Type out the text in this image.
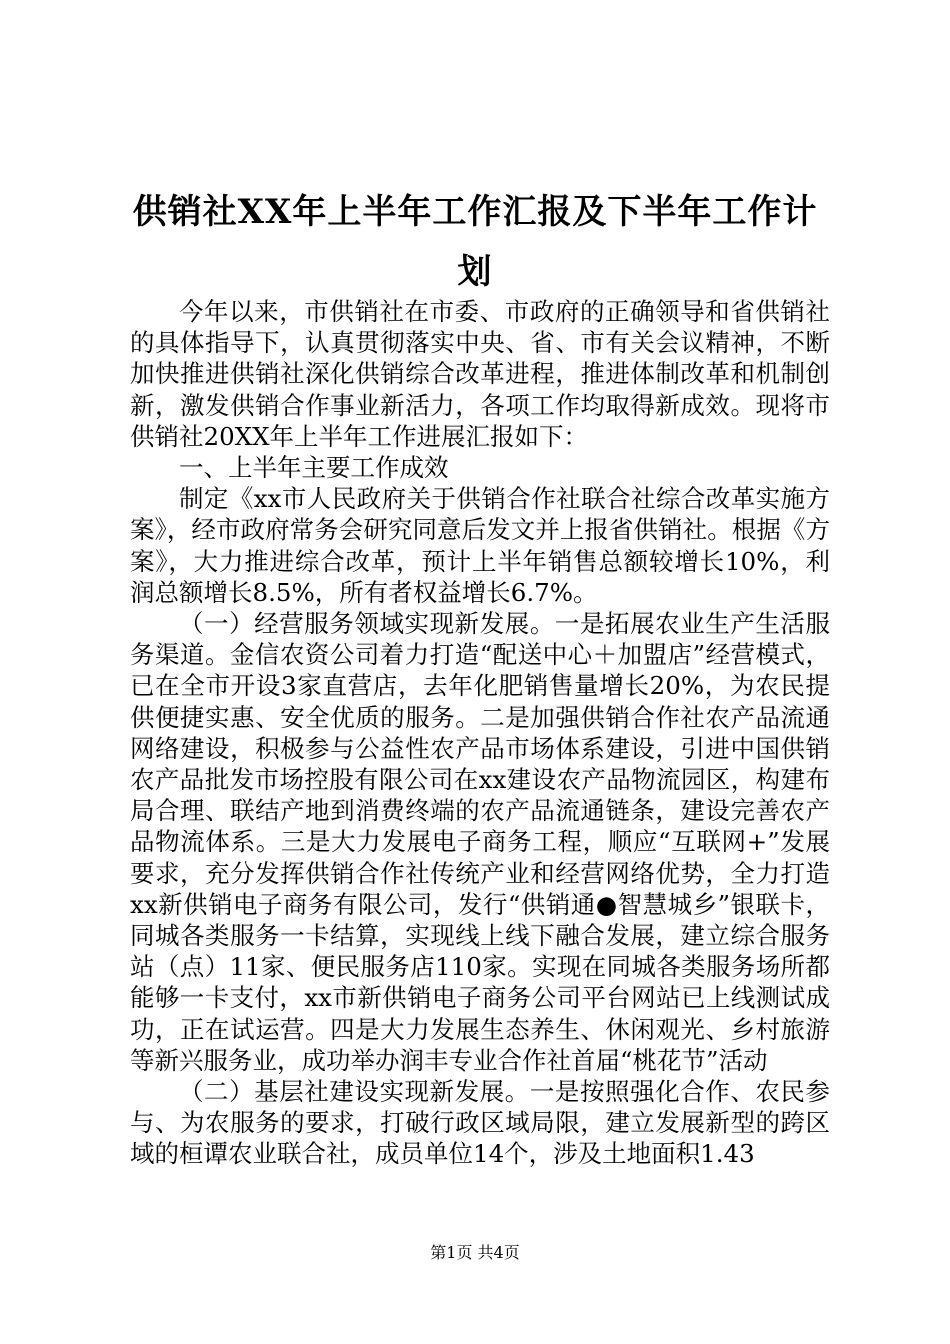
供销社XX年上半年工作汇报及下半年工作计划

今年以来，市供销社在市委、市政府的正确领导和省供销社的具体指导下，认真贯彻落实中央、省、市有关会议精神，不断加快推进供销社深化供销综合改革进程，推进体制改革和机制创新，激发供销合作事业新活力，各项工作均取得新成效。现将市供销社20XX年上半年工作进展汇报如下：

一、上半年主要工作成效

制定《xx市人民政府关于供销合作社联合社综合改革实施方案》，经市政府常务会研究同意后发文并上报省供销社。根据《方案》，大力推进综合改革，预计上半年销售总额较增长10%，利润总额增长8.5%，所有者权益增长6.7%。

（一）经营服务领域实现新发展。一是拓展农业生产生活服务渠道。金信农资公司着力打造“配送中心＋加盟店”经营模式，已在全市开设3家直营店，去年化肥销售量增长20%，为农民提供便捷实惠、安全优质的服务。二是加强供销合作社农产品流通网络建设，积极参与公益性农产品市场体系建设，引进中国供销农产品批发市场控股有限公司在xx建设农产品物流园区，构建布局合理、联结产地到消费终端的农产品流通链条，建设完善农产品物流体系。三是大力发展电子商务工程，顺应“互联网+”发展要求，充分发挥供销合作社传统产业和经营网络优势，全力打造xx新供销电子商务有限公司，发行“供销通●智慧城乡”银联卡，同城各类服务一卡结算，实现线上线下融合发展，建立综合服务站（点）11家、便民服务店110家。实现在同城各类服务场所都能够一卡支付，xx市新供销电子商务公司平台网站已上线测试成功，正在试运营。四是大力发展生态养生、休闲观光、乡村旅游等新兴服务业，成功举办润丰专业合作社首届“桃花节”活动

（二）基层社建设实现新发展。一是按照强化合作、农民参与、为农服务的要求，打破行政区域局限，建立发展新型的跨区域的桓谭农业联合社，成员单位14个，涉及土地面积1.43

第1页 共4页
